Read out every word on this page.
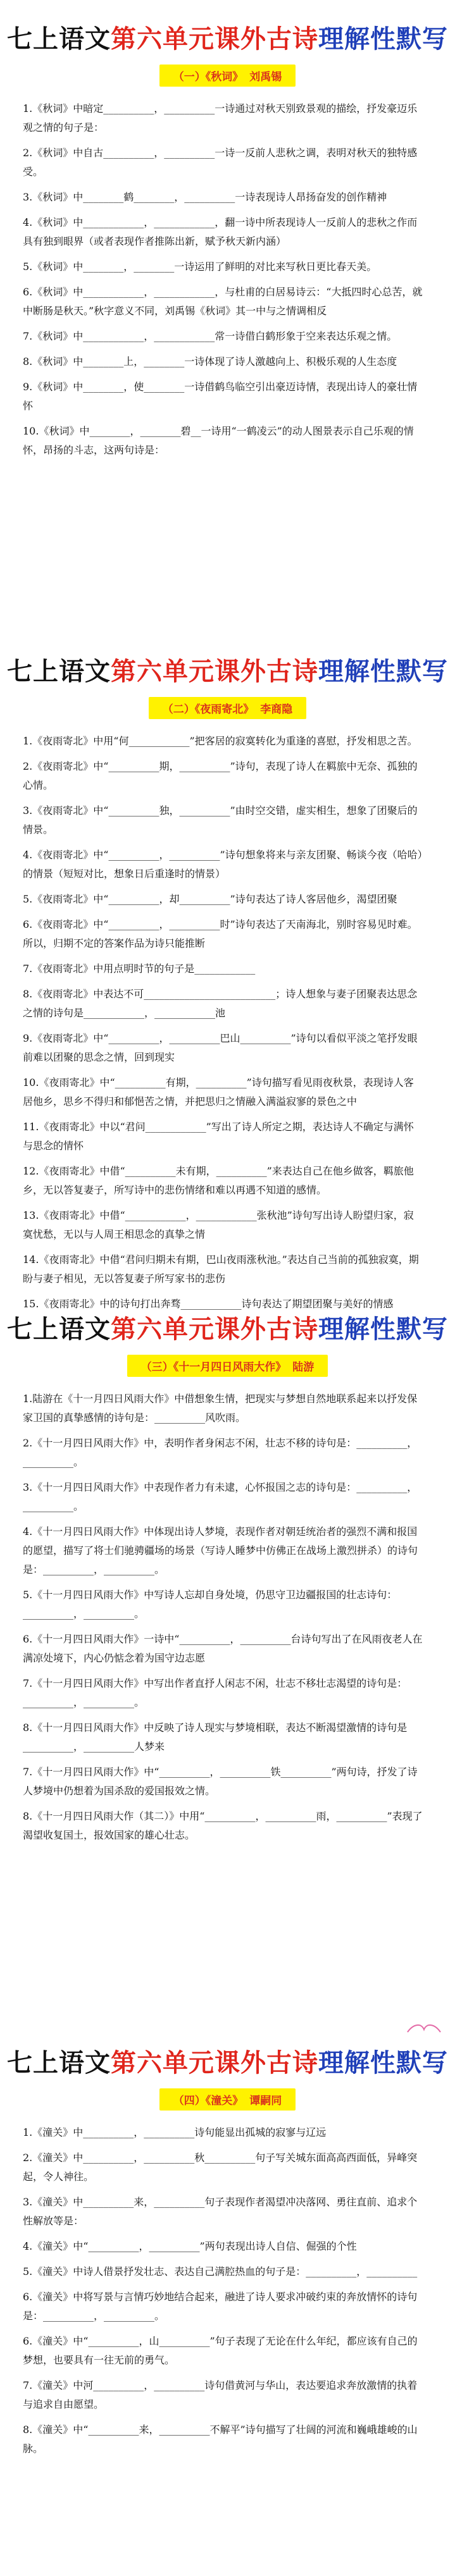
七上语文第六单元课外古诗理解性默写
（一）《秋词》 刘禹锡

1.《秋词》中暗定__________，__________一诗通过对秋天别致景观的描绘，抒发豪迈乐观之情的句子是：

2.《秋词》中自古__________，__________一诗一反前人悲秋之调，表明对秋天的独特感受。

3.《秋词》中________鹤________，__________一诗表现诗人昂扬奋发的创作精神

4.《秋词》中____________，____________，翻一诗中所表现诗人一反前人的悲秋之作而具有独到眼界（或者表现作者推陈出新，赋予秋天新内涵）

5.《秋词》中________，________一诗运用了鲜明的对比来写秋日更比春天美。

6.《秋词》中____________，____________，与杜甫的白居易诗云：“大抵四时心总苦，就中断肠是秋天。”秋字意义不同，刘禹锡《秋词》其一中与之情调相反

7.《秋词》中____________，____________常一诗借白鹤形象于空来表达乐观之情。

8.《秋词》中________上，________一诗体现了诗人激越向上、积极乐观的人生态度

9.《秋词》中________，使________一诗借鹤鸟临空引出豪迈诗情，表现出诗人的豪壮情怀

10.《秋词》中________，________碧__一诗用“一鹤凌云”的动人图景表示自己乐观的情怀，昂扬的斗志，这两句诗是：

七上语文第六单元课外古诗理解性默写
（二）《夜雨寄北》 李商隐

1.《夜雨寄北》中用“何____________”把客居的寂寞转化为重逢的喜慰，抒发相思之苦。

2.《夜雨寄北》中“__________期，__________”诗句，表现了诗人在羁旅中无奈、孤独的心情。

3.《夜雨寄北》中“__________独，__________”由时空交错，虚实相生，想象了团聚后的情景。

4.《夜雨寄北》中“__________，__________”诗句想象将来与亲友团聚、畅谈今夜（哈哈）的情景（短短对比，想象日后重逢时的情景）

5.《夜雨寄北》中“__________，却__________”诗句表达了诗人客居他乡，渴望团聚

6.《夜雨寄北》中“__________，__________时”诗句表达了天南海北，别时容易见时难。所以，归期不定的答案作品为诗只能推断

7.《夜雨寄北》中用点明时节的句子是____________

8.《夜雨寄北》中表达不可__________________________；诗人想象与妻子团聚表达思念之情的诗句是____________，____________池

9.《夜雨寄北》中“__________，__________巴山__________”诗句以看似平淡之笔抒发眼前难以团聚的思念之情，回到现实

10.《夜雨寄北》中“__________有期，__________”诗句描写看见雨夜秋景，表现诗人客居他乡，思乡不得归和郁悒苦之情，并把思归之情融入满溢寂寥的景色之中

11.《夜雨寄北》中以“君问____________”写出了诗人所定之期，表达诗人不确定与满怀与思念的情怀

12.《夜雨寄北》中借“__________未有期，__________”来表达自己在他乡做客，羁旅他乡，无以答复妻子，所写诗中的悲伤情绪和难以再遇不知道的感情。

13.《夜雨寄北》中借“____________，____________张秋池”诗句写出诗人盼望归家，寂寞忧愁，无以与人周王相思念的真挚之情

14.《夜雨寄北》中借“君问归期未有期，巴山夜雨涨秋池。”表达自己当前的孤独寂寞，期盼与妻子相见，无以答复妻子所写家书的悲伤

15.《夜雨寄北》中的诗句打出奔骛____________诗句表达了期望团聚与美好的情感

七上语文第六单元课外古诗理解性默写
（三）《十一月四日风雨大作》 陆游

1.陆游在《十一月四日风雨大作》中借想象生情，把现实与梦想自然地联系起来以抒发保家卫国的真挚感情的诗句是：__________风吹雨。

2.《十一月四日风雨大作》中，表明作者身闲志不闲，壮志不移的诗句是：__________，__________。

3.《十一月四日风雨大作》中表现作者力有未逮，心怀报国之志的诗句是：__________，__________。

4.《十一月四日风雨大作》中体现出诗人梦境，表现作者对朝廷统治者的强烈不满和报国的愿望，描写了将士们驰骋疆场的场景（写诗人睡梦中仿佛正在战场上激烈拼杀）的诗句是：__________，__________。

5.《十一月四日风雨大作》中写诗人忘却自身处境，仍思守卫边疆报国的壮志诗句：__________，__________。

6.《十一月四日风雨大作》一诗中“__________，__________台诗句写出了在风雨夜老人在满凉处境下，内心仍惦念着为国守边志愿

7.《十一月四日风雨大作》中写出作者直抒人闲志不闲，壮志不移壮志渴望的诗句是：__________，__________。

8.《十一月四日风雨大作》中反映了诗人现实与梦境相联，表达不断渴望激情的诗句是__________，__________人梦来

7.《十一月四日风雨大作》中“__________，__________铁__________”两句诗，抒发了诗人梦境中仍想着为国杀敌的爱国报效之情。

8.《十一月四日风雨大作（其二）》中用“__________，__________雨，__________”表现了渴望收复国土，报效国家的雄心壮志。

七上语文第六单元课外古诗理解性默写
（四）《潼关》 谭嗣同

1.《潼关》中__________，__________诗句能显出孤城的寂寥与辽远

2.《潼关》中__________，__________秋__________句子写关城东面高高西面低，异峰突起，令人神往。

3.《潼关》中__________来，__________句子表现作者渴望冲决落网、勇往直前、追求个性解放等是：

4.《潼关》中“__________，__________”两句表现出诗人自信、倔强的个性

5.《潼关》中诗人借景抒发壮志、表达自己满腔热血的句子是：__________，__________

6.《潼关》中将写景与言情巧妙地结合起来，融进了诗人要求冲破约束的奔放情怀的诗句是：__________，__________。

6.《潼关》中“__________，山__________”句子表现了无论在什么年纪，都应该有自己的梦想，也要具有一往无前的勇气。

7.《潼关》中河__________，__________诗句借黄河与华山，表达要追求奔放激情的执着与追求自由愿望。

8.《潼关》中“__________来，__________不解平”诗句描写了壮阔的河流和巍峨雄峻的山脉。
